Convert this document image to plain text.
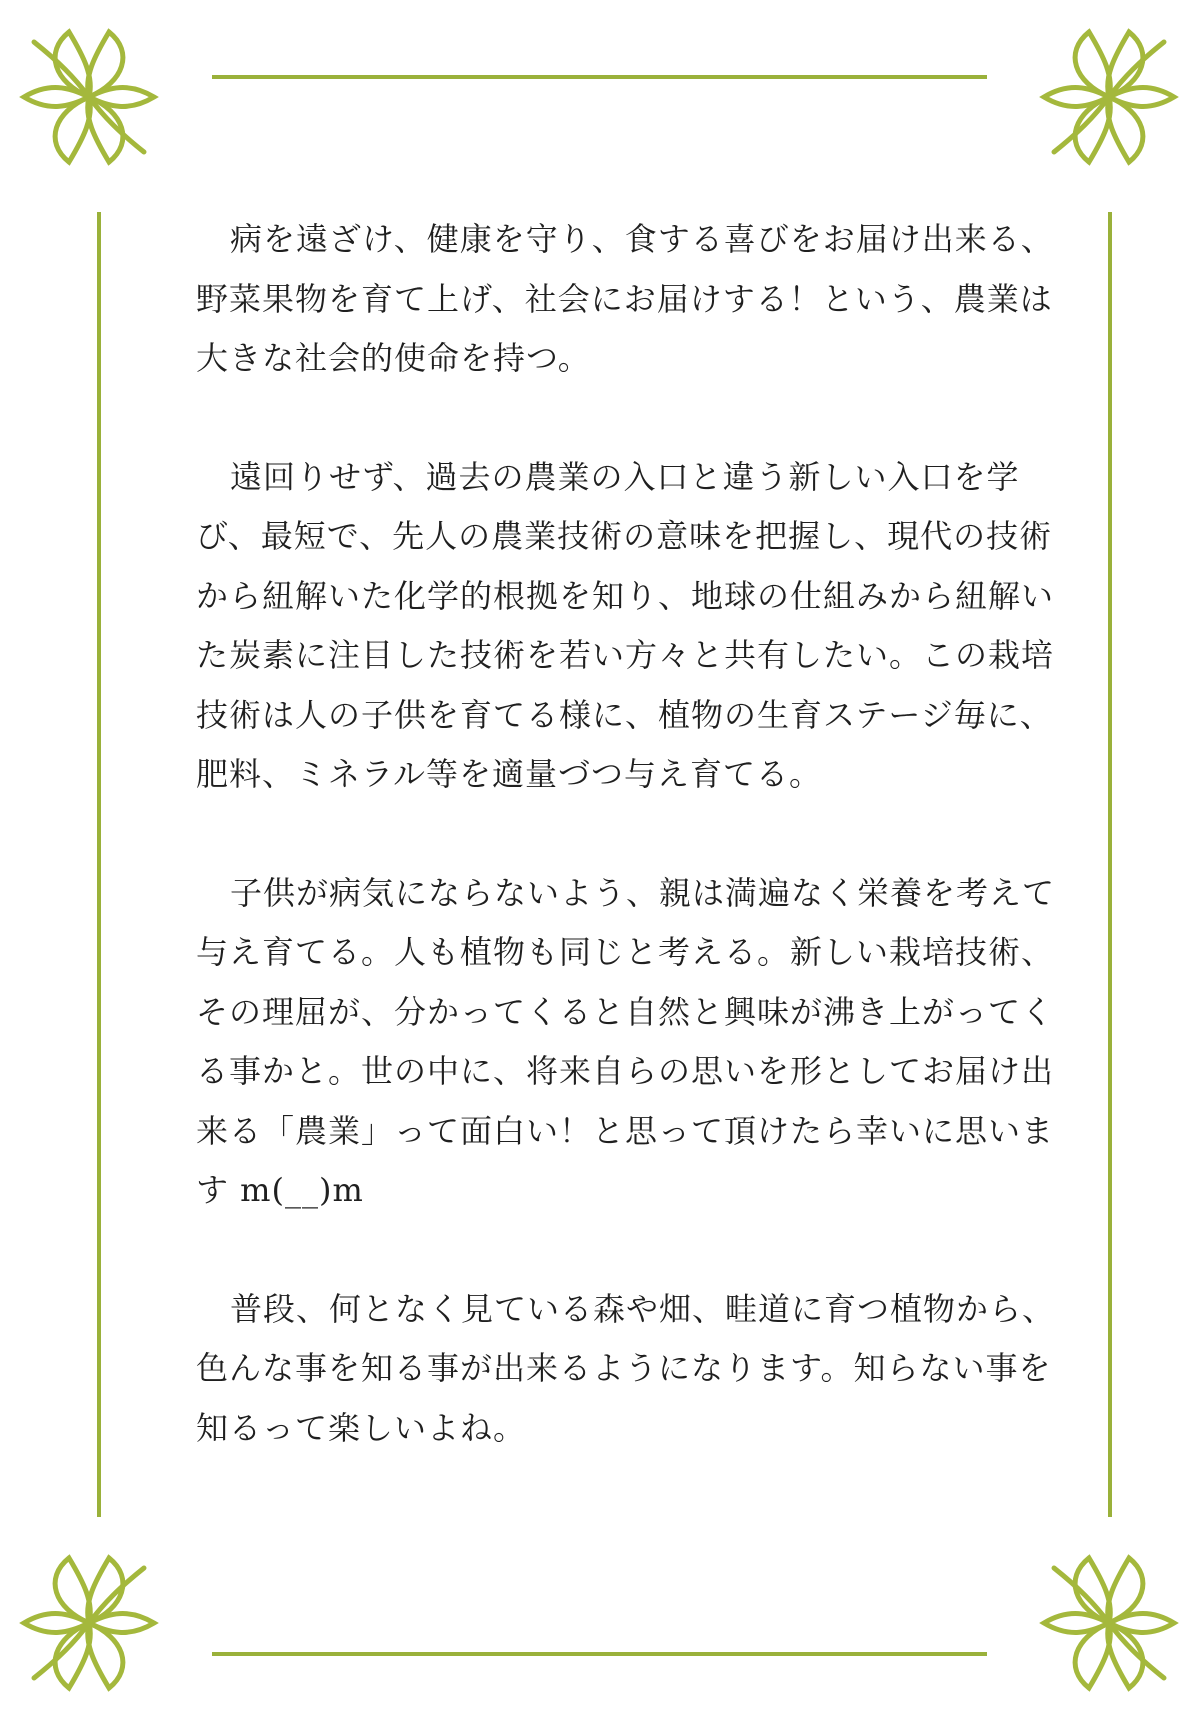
病を遠ざけ、健康を守り、食する喜びをお届け出来る、野菜果物を育て上げ、社会にお届けする！という、農業は大きな社会的使命を持つ。

遠回りせず、過去の農業の入口と違う新しい入口を学び、最短で、先人の農業技術の意味を把握し、現代の技術から紐解いた化学的根拠を知り、地球の仕組みから紐解いた炭素に注目した技術を若い方々と共有したい。この栽培技術は人の子供を育てる様に、植物の生育ステージ毎に、肥料、ミネラル等を適量づつ与え育てる。

子供が病気にならないよう、親は満遍なく栄養を考えて与え育てる。人も植物も同じと考える。新しい栽培技術、その理屈が、分かってくると自然と興味が沸き上がってくる事かと。世の中に、将来自らの思いを形としてお届け出来る「農業」って面白い！と思って頂けたら幸いに思います m(__)m

普段、何となく見ている森や畑、畦道に育つ植物から、色んな事を知る事が出来るようになります。知らない事を知るって楽しいよね。
